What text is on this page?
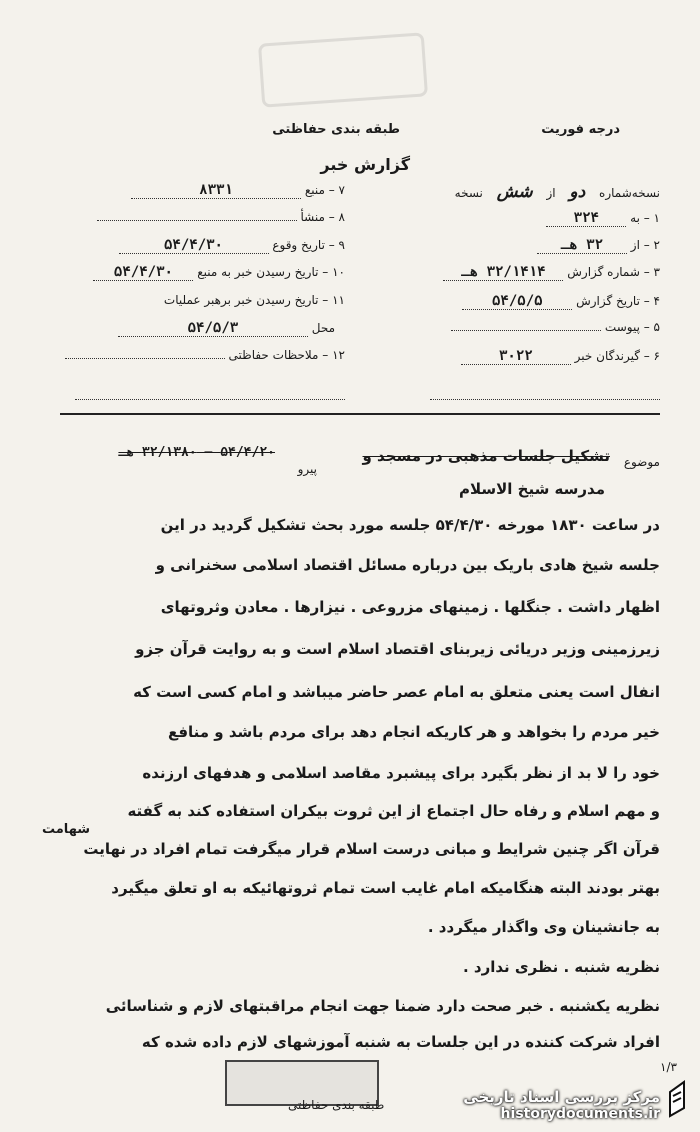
درجه فوریت
طبقه بندی حفاظتی
گزارش خبر
نسخه‌شماره دو از شش نسخه
۱ – به ۳۲۴
۲ – از ۳۲ هـ
۳ – شماره گزارش ۳۲/۱۴۱۴ هـ
۴ – تاریخ گزارش ۵۴/۵/۵
۵ – پیوست
۶ – گیرندگان خبر ۳۰۲۲
۷ – منبع ۸۳۳۱
۸ – منشأ
۹ – تاریخ وقوع ۵۴/۴/۳۰
۱۰ – تاریخ رسیدن خبر به منبع ۵۴/۴/۳۰
۱۱ – تاریخ رسیدن خبر برهبر عملیات
محل ۵۴/۵/۳
۱۲ – ملاحظات حفاظتی
موضوع
تشکیل جلسات مذهبی در مسجد و
پیرو
۵۴/۴/۲۰ – ۳۲/۱۳۸۰ هـ
مدرسه شیخ الاسلام
در ساعت ۱۸۳۰ مورخه ۵۴/۴/۳۰ جلسه مورد بحث تشکیل گردید در این
جلسه شیخ هادی باریک بین درباره مسائل اقتصاد اسلامی سخنرانی و
اظهار داشت . جنگلها . زمینهای مزروعی . نیزارها . معادن وثروتهای
زیرزمینی وزیر دریائی زیربنای اقتصاد اسلام است و به روایت قرآن جزو
انفال است یعنی متعلق به امام عصر حاضر میباشد و امام کسی است که
خیر مردم را بخواهد و هر کاریکه انجام دهد برای مردم باشد و منافع
خود را لا بد از نظر بگیرد برای پیشبرد مقاصد اسلامی و هدفهای ارزنده
و مهم اسلام و رفاه حال اجتماع از این ثروت بیکران استفاده کند به گفته
شهامت
قرآن اگر چنین شرایط و مبانی درست اسلام قرار میگرفت تمام افراد در نهایت
بهتر بودند البته هنگامیکه امام غایب است تمام ثروتهائیکه به او تعلق میگیرد
به جانشینان وی واگذار میگردد .
نظریه شنبه . نظری ندارد .
نظریه یکشنبه . خبر صحت دارد ضمنا جهت انجام مراقبتهای لازم و شناسائی
افراد شرکت کننده در این جلسات به شنبه آموزشهای لازم داده شده که
۱/۳
طبقه بندی حفاظتی	مرکز بررسی اسناد تاریخی
historydocuments.ir
